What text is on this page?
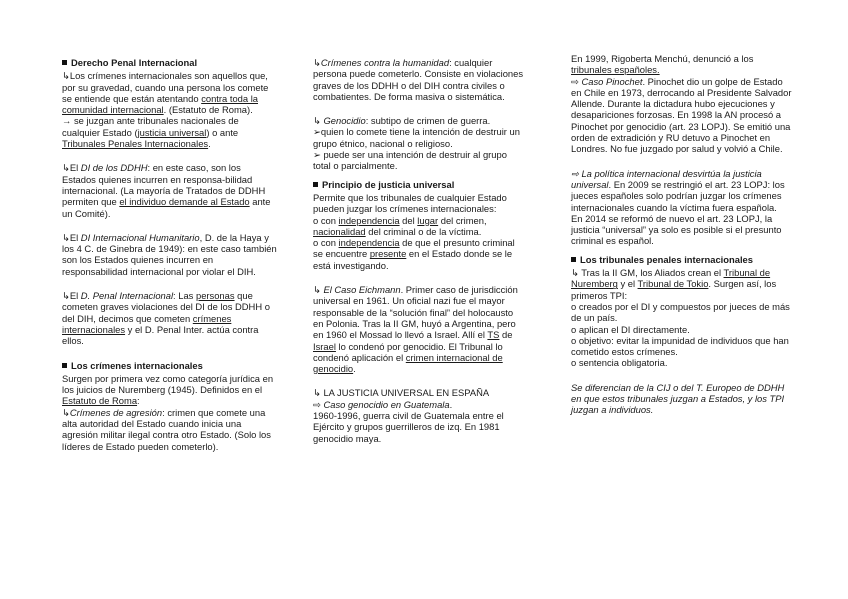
Derecho Penal Internacional

↳Los crímenes internacionales son aquellos que, por su gravedad, cuando una persona los comete se entiende que están atentando contra toda la comunidad internacional. (Estatuto de Roma).
→ se juzgan ante tribunales nacionales de cualquier Estado (justicia universal) o ante Tribunales Penales Internacionales.

↳El DI de los DDHH: en este caso, son los Estados quienes incurren en responsa-bilidad internacional. (La mayoría de Tratados de DDHH permiten que el individuo demande al Estado ante un Comité).

↳El DI Internacional Humanitario, D. de la Haya y los 4 C. de Ginebra de 1949): en este caso también son los Estados quienes incurren en responsabilidad internacional por violar el DIH.

↳El D. Penal Internacional: Las personas que cometen graves violaciones del DI de los DDHH o del DIH, decimos que cometen crímenes internacionales y el D. Penal Inter. actúa contra ellos.

Los crímenes internacionales

Surgen por primera vez como categoría jurídica en los juicios de Nuremberg (1945). Definidos en el Estatuto de Roma:

↳Crímenes de agresión: crimen que comete una alta autoridad del Estado cuando inicia una agresión militar ilegal contra otro Estado. (Solo los líderes de Estado pueden cometerlo).

↳Crímenes contra la humanidad: cualquier persona puede cometerlo. Consiste en violaciones graves de los DDHH o del DIH contra civiles o combatientes. De forma masiva o sistemática.

↳ Genocidio: subtipo de crimen de guerra.
➢quien lo comete tiene la intención de destruir un grupo étnico, nacional o religioso.
➢ puede ser una intención de destruir al grupo total o parcialmente.

Principio de justicia universal

Permite que los tribunales de cualquier Estado pueden juzgar los crímenes internacionales:

o con independencia del lugar del crimen, nacionalidad del criminal o de la víctima.

o con independencia de que el presunto criminal se encuentre presente en el Estado donde se le está investigando.

↳ El Caso Eichmann. Primer caso de jurisdicción universal en 1961. Un oficial nazi fue el mayor responsable de la “solución final” del holocausto en Polonia. Tras la II GM, huyó a Argentina, pero en 1960 el Mossad lo llevó a Israel. Allí el TS de Israel lo condenó por genocidio. El Tribunal lo condenó aplicación el crimen internacional de genocidio.

↳ LA JUSTICIA UNIVERSAL EN ESPAÑA

⇨ Caso genocidio en Guatemala.

1960-1996, guerra civil de Guatemala entre el Ejército y grupos guerrilleros de izq. En 1981 genocidio maya.

En 1999, Rigoberta Menchú, denunció a los tribunales españoles.

⇨ Caso Pinochet. Pinochet dio un golpe de Estado en Chile en 1973, derrocando al Presidente Salvador Allende. Durante la dictadura hubo ejecuciones y desapariciones forzosas. En 1998 la AN procesó a Pinochet por genocidio (art. 23 LOPJ). Se emitió una orden de extradición y RU detuvo a Pinochet en Londres. No fue juzgado por salud y volvió a Chile.

⇨ La política internacional desvirtúa la justicia universal. En 2009 se restringió el art. 23 LOPJ: los jueces españoles solo podrían juzgar los crímenes internacionales cuando la víctima fuera española.
En 2014 se reformó de nuevo el art. 23 LOPJ, la justicia “universal” ya solo es posible si el presunto criminal es español.

Los tribunales penales internacionales

↳ Tras la II GM, los Aliados crean el Tribunal de Nuremberg y el Tribunal de Tokio. Surgen así, los primeros TPI:

o creados por el DI y compuestos por jueces de más de un país.

o aplican el DI directamente.

o objetivo: evitar la impunidad de individuos que han cometido estos crímenes.

o sentencia obligatoria.

Se diferencian de la CIJ o del T. Europeo de DDHH en que estos tribunales juzgan a Estados, y los TPI juzgan a individuos.
